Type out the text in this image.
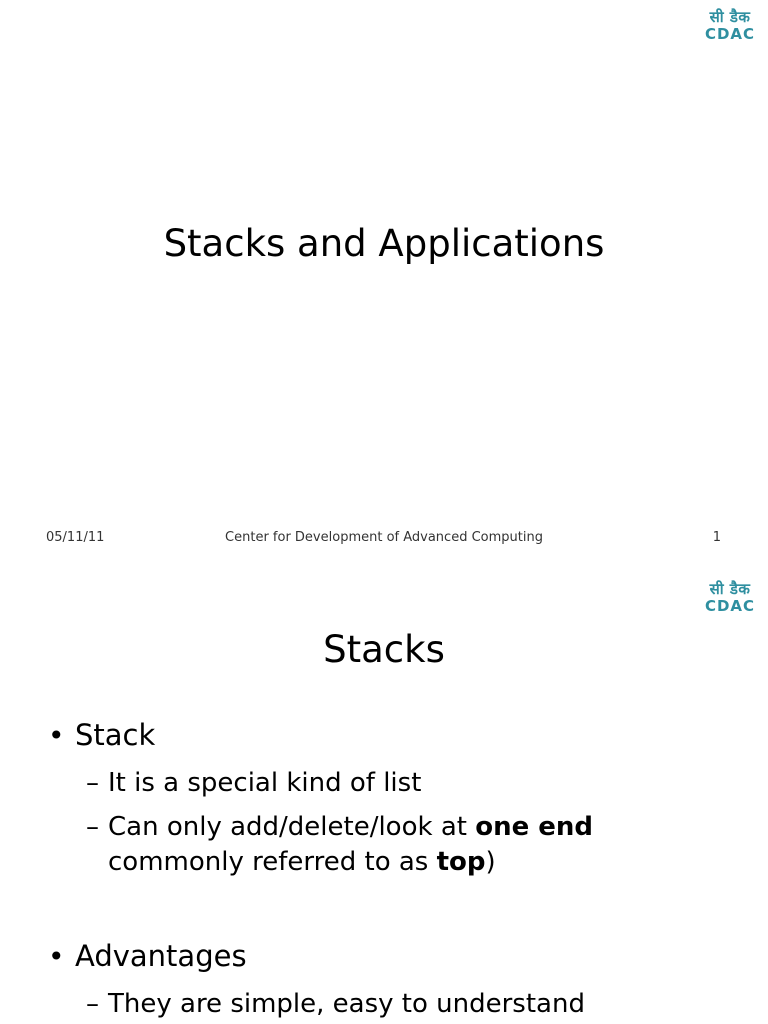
सी डैक
CDAC
Stacks and Applications
05/11/11	Center for Development of Advanced Computing	1
सी डैक
CDAC
Stacks
• Stack
– It is a special kind of list
– Can only add/delete/look at one end commonly referred to as top)
• Advantages
– They are simple, easy to understand
